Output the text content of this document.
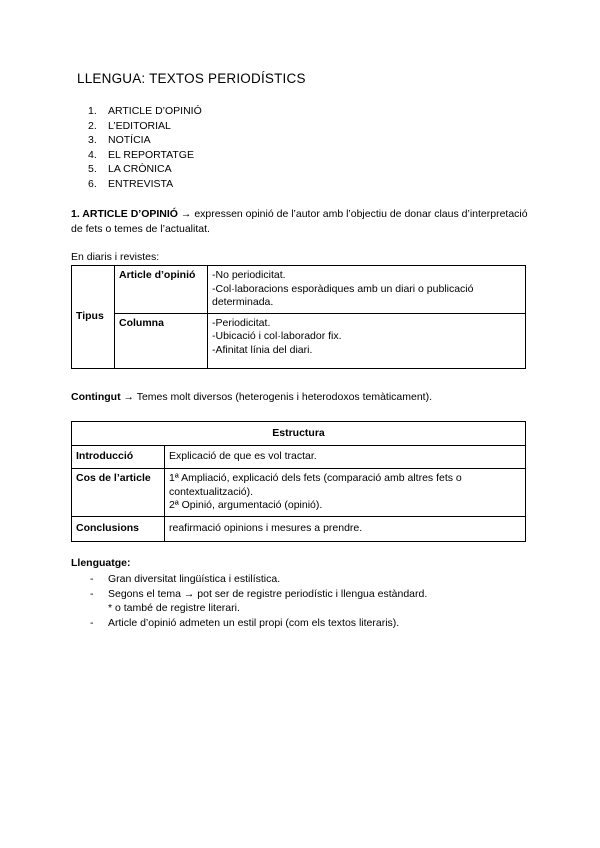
LLENGUA: TEXTOS PERIODÍSTICS
1.	ARTICLE D’OPINIÓ
2.	L’EDITORIAL
3.	NOTÍCIA
4.	EL REPORTATGE
5.	LA CRÒNICA
6.	ENTREVISTA
1. ARTICLE D’OPINIÓ → expressen opinió de l’autor amb l’objectiu de donar claus d’interpretació de fets o temes de l’actualitat.
En diaris i revistes:
Tipus	Article d’opinió	-No periodicitat.
-Col·laboracions esporàdiques amb un diari o publicació determinada.

	Columna	-Periodicitat.
-Ubicació i col·laborador fix.
-Afinitat línia del diari.
Contingut → Temes molt diversos (heterogenis i heterodoxos temàticament).
Estructura	
Introducció	Explicació de que es vol tractar.

Cos de l’article	1ª Ampliació, explicació dels fets (comparació amb altres fets o contextualització).
2ª Opinió, argumentació (opinió).

Conclusions	reafirmació opinions i mesures a prendre.
Llenguatge:
-	Gran diversitat lingüística i estilística.
-	Segons el tema → pot ser de registre periodístic i llengua estàndard.
* o també de registre literari.
-	Article d’opinió admeten un estil propi (com els textos literaris).
